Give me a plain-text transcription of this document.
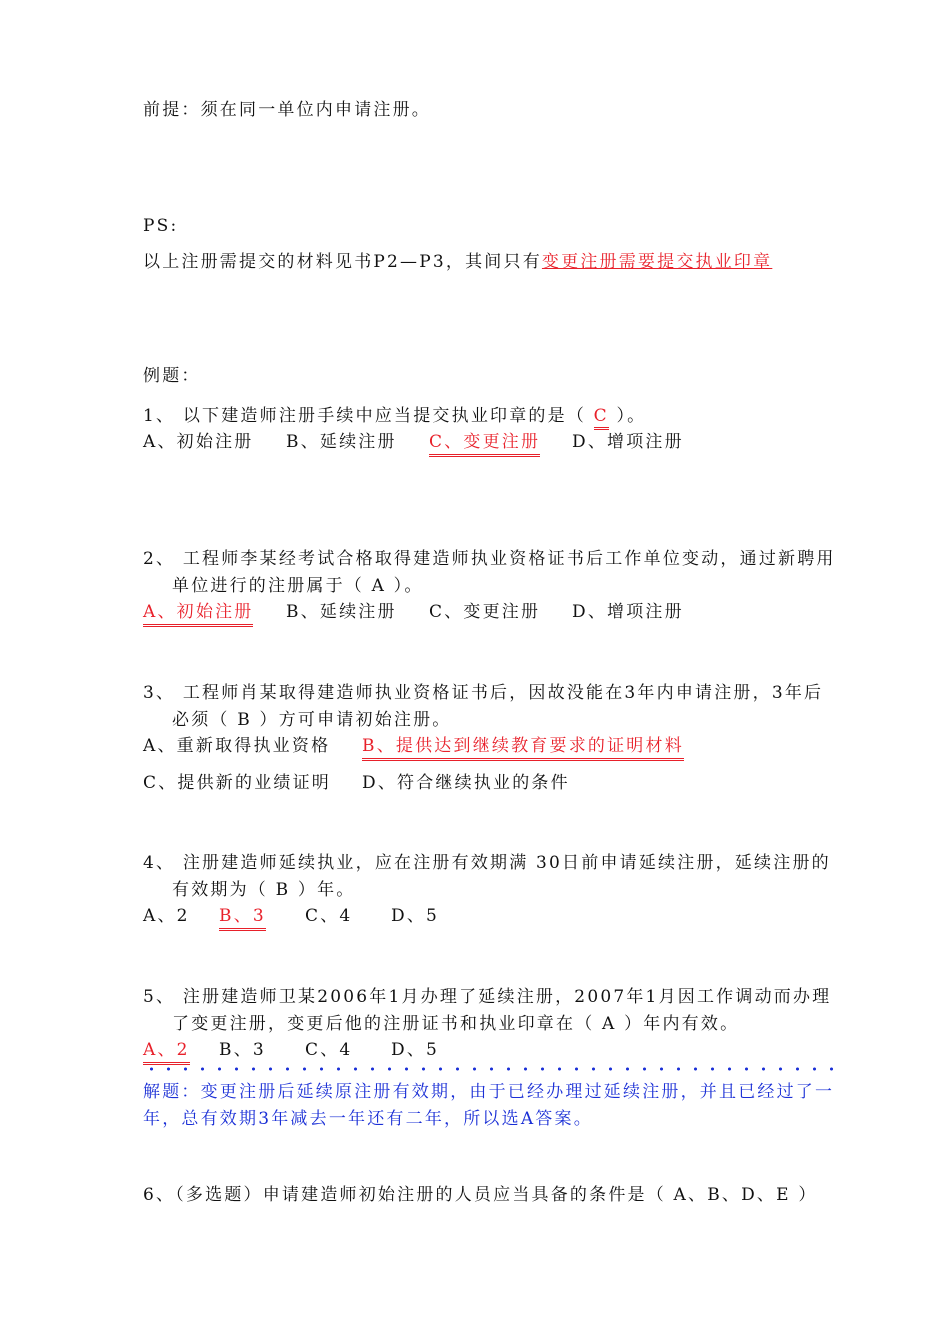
前提：须在同一单位内申请注册。
PS:
以上注册需提交的材料见书P2—P3，其间只有变更注册需要提交执业印章
例题：
1、 以下建造师注册手续中应当提交执业印章的是（ C ）。
A、初始注册 B、延续注册 C、变更注册 D、增项注册
2、 工程师李某经考试合格取得建造师执业资格证书后工作单位变动，通过新聘用
单位进行的注册属于（ A ）。
A、初始注册 B、延续注册 C、变更注册 D、增项注册
3、 工程师肖某取得建造师执业资格证书后，因故没能在3年内申请注册，3年后
必须（ B ）方可申请初始注册。
A、重新取得执业资格 B、提供达到继续教育要求的证明材料
C、提供新的业绩证明 D、符合继续执业的条件
4、 注册建造师延续执业，应在注册有效期满 30日前申请延续注册，延续注册的
有效期为（ B ）年。
A、2 B、3 C、4 D、5
5、 注册建造师卫某2006年1月办理了延续注册，2007年1月因工作调动而办理
了变更注册，变更后他的注册证书和执业印章在（ A ）年内有效。
A、2 B、3 C、4 D、5
解题：变更注册后延续原注册有效期，由于已经办理过延续注册，并且已经过了一
年，总有效期3年减去一年还有二年，所以选A答案。
6、（多选题）申请建造师初始注册的人员应当具备的条件是（ A、B、D、E ）
